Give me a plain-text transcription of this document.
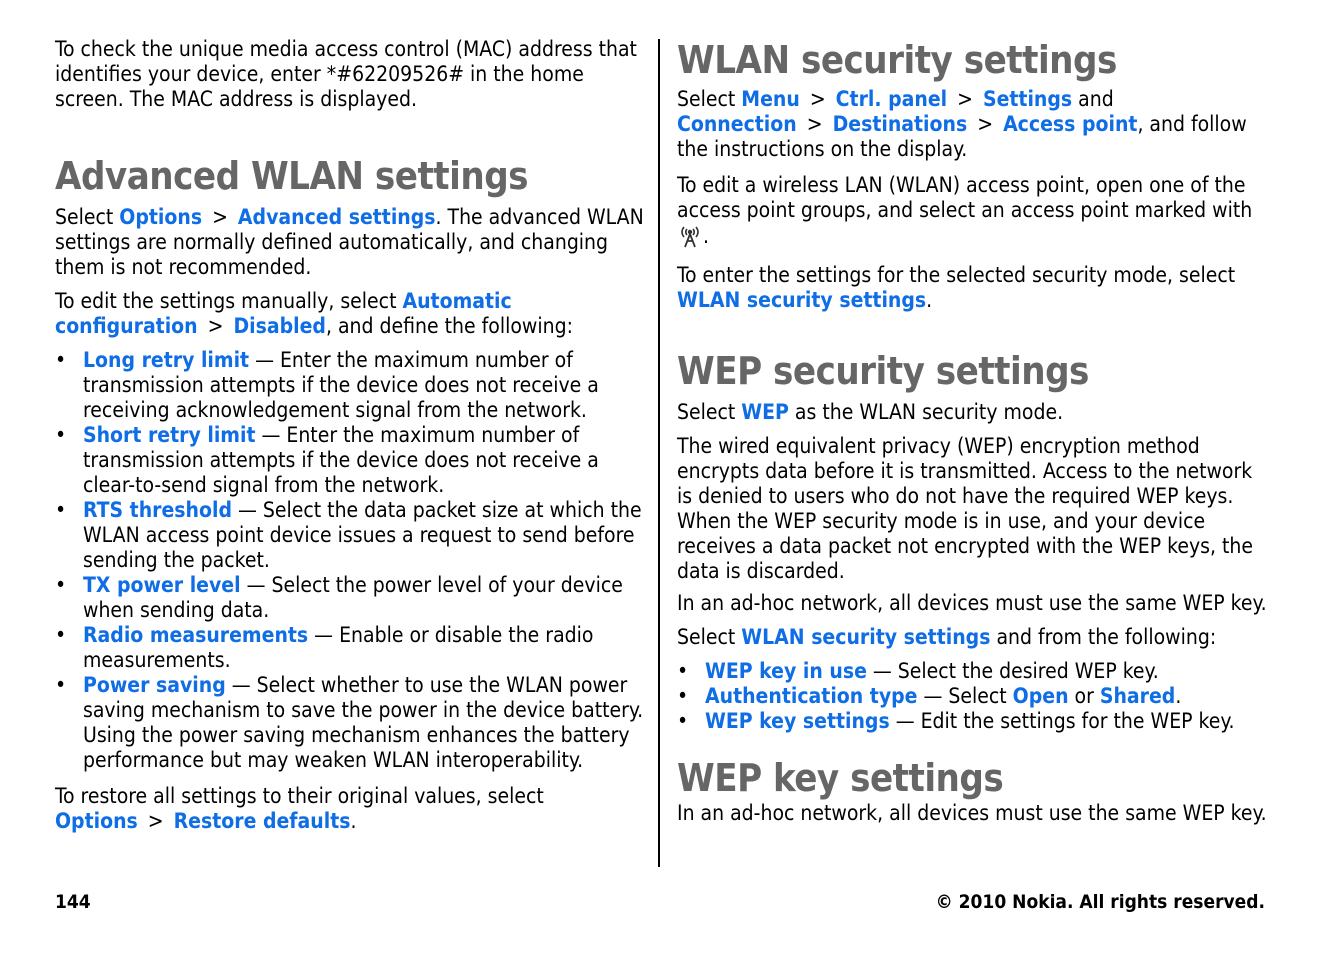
To check the unique media access control (MAC) address that identifies your device, enter *#62209526# in the home screen. The MAC address is displayed.

Advanced WLAN settings

Select Options > Advanced settings. The advanced WLAN settings are normally defined automatically, and changing them is not recommended.

To edit the settings manually, select Automatic configuration > Disabled, and define the following:

• Long retry limit — Enter the maximum number of transmission attempts if the device does not receive a receiving acknowledgement signal from the network.
• Short retry limit — Enter the maximum number of transmission attempts if the device does not receive a clear-to-send signal from the network.
• RTS threshold — Select the data packet size at which the WLAN access point device issues a request to send before sending the packet.
• TX power level — Select the power level of your device when sending data.
• Radio measurements — Enable or disable the radio measurements.
• Power saving — Select whether to use the WLAN power saving mechanism to save the power in the device battery. Using the power saving mechanism enhances the battery performance but may weaken WLAN interoperability.

To restore all settings to their original values, select Options > Restore defaults.

WLAN security settings

Select Menu > Ctrl. panel > Settings and Connection > Destinations > Access point, and follow the instructions on the display.

To edit a wireless LAN (WLAN) access point, open one of the access point groups, and select an access point marked with .

To enter the settings for the selected security mode, select WLAN security settings.

WEP security settings

Select WEP as the WLAN security mode.

The wired equivalent privacy (WEP) encryption method encrypts data before it is transmitted. Access to the network is denied to users who do not have the required WEP keys. When the WEP security mode is in use, and your device receives a data packet not encrypted with the WEP keys, the data is discarded.

In an ad-hoc network, all devices must use the same WEP key.

Select WLAN security settings and from the following:

• WEP key in use — Select the desired WEP key.
• Authentication type — Select Open or Shared.
• WEP key settings — Edit the settings for the WEP key.
WEP key settings

In an ad-hoc network, all devices must use the same WEP key.

144	© 2010 Nokia. All rights reserved.
